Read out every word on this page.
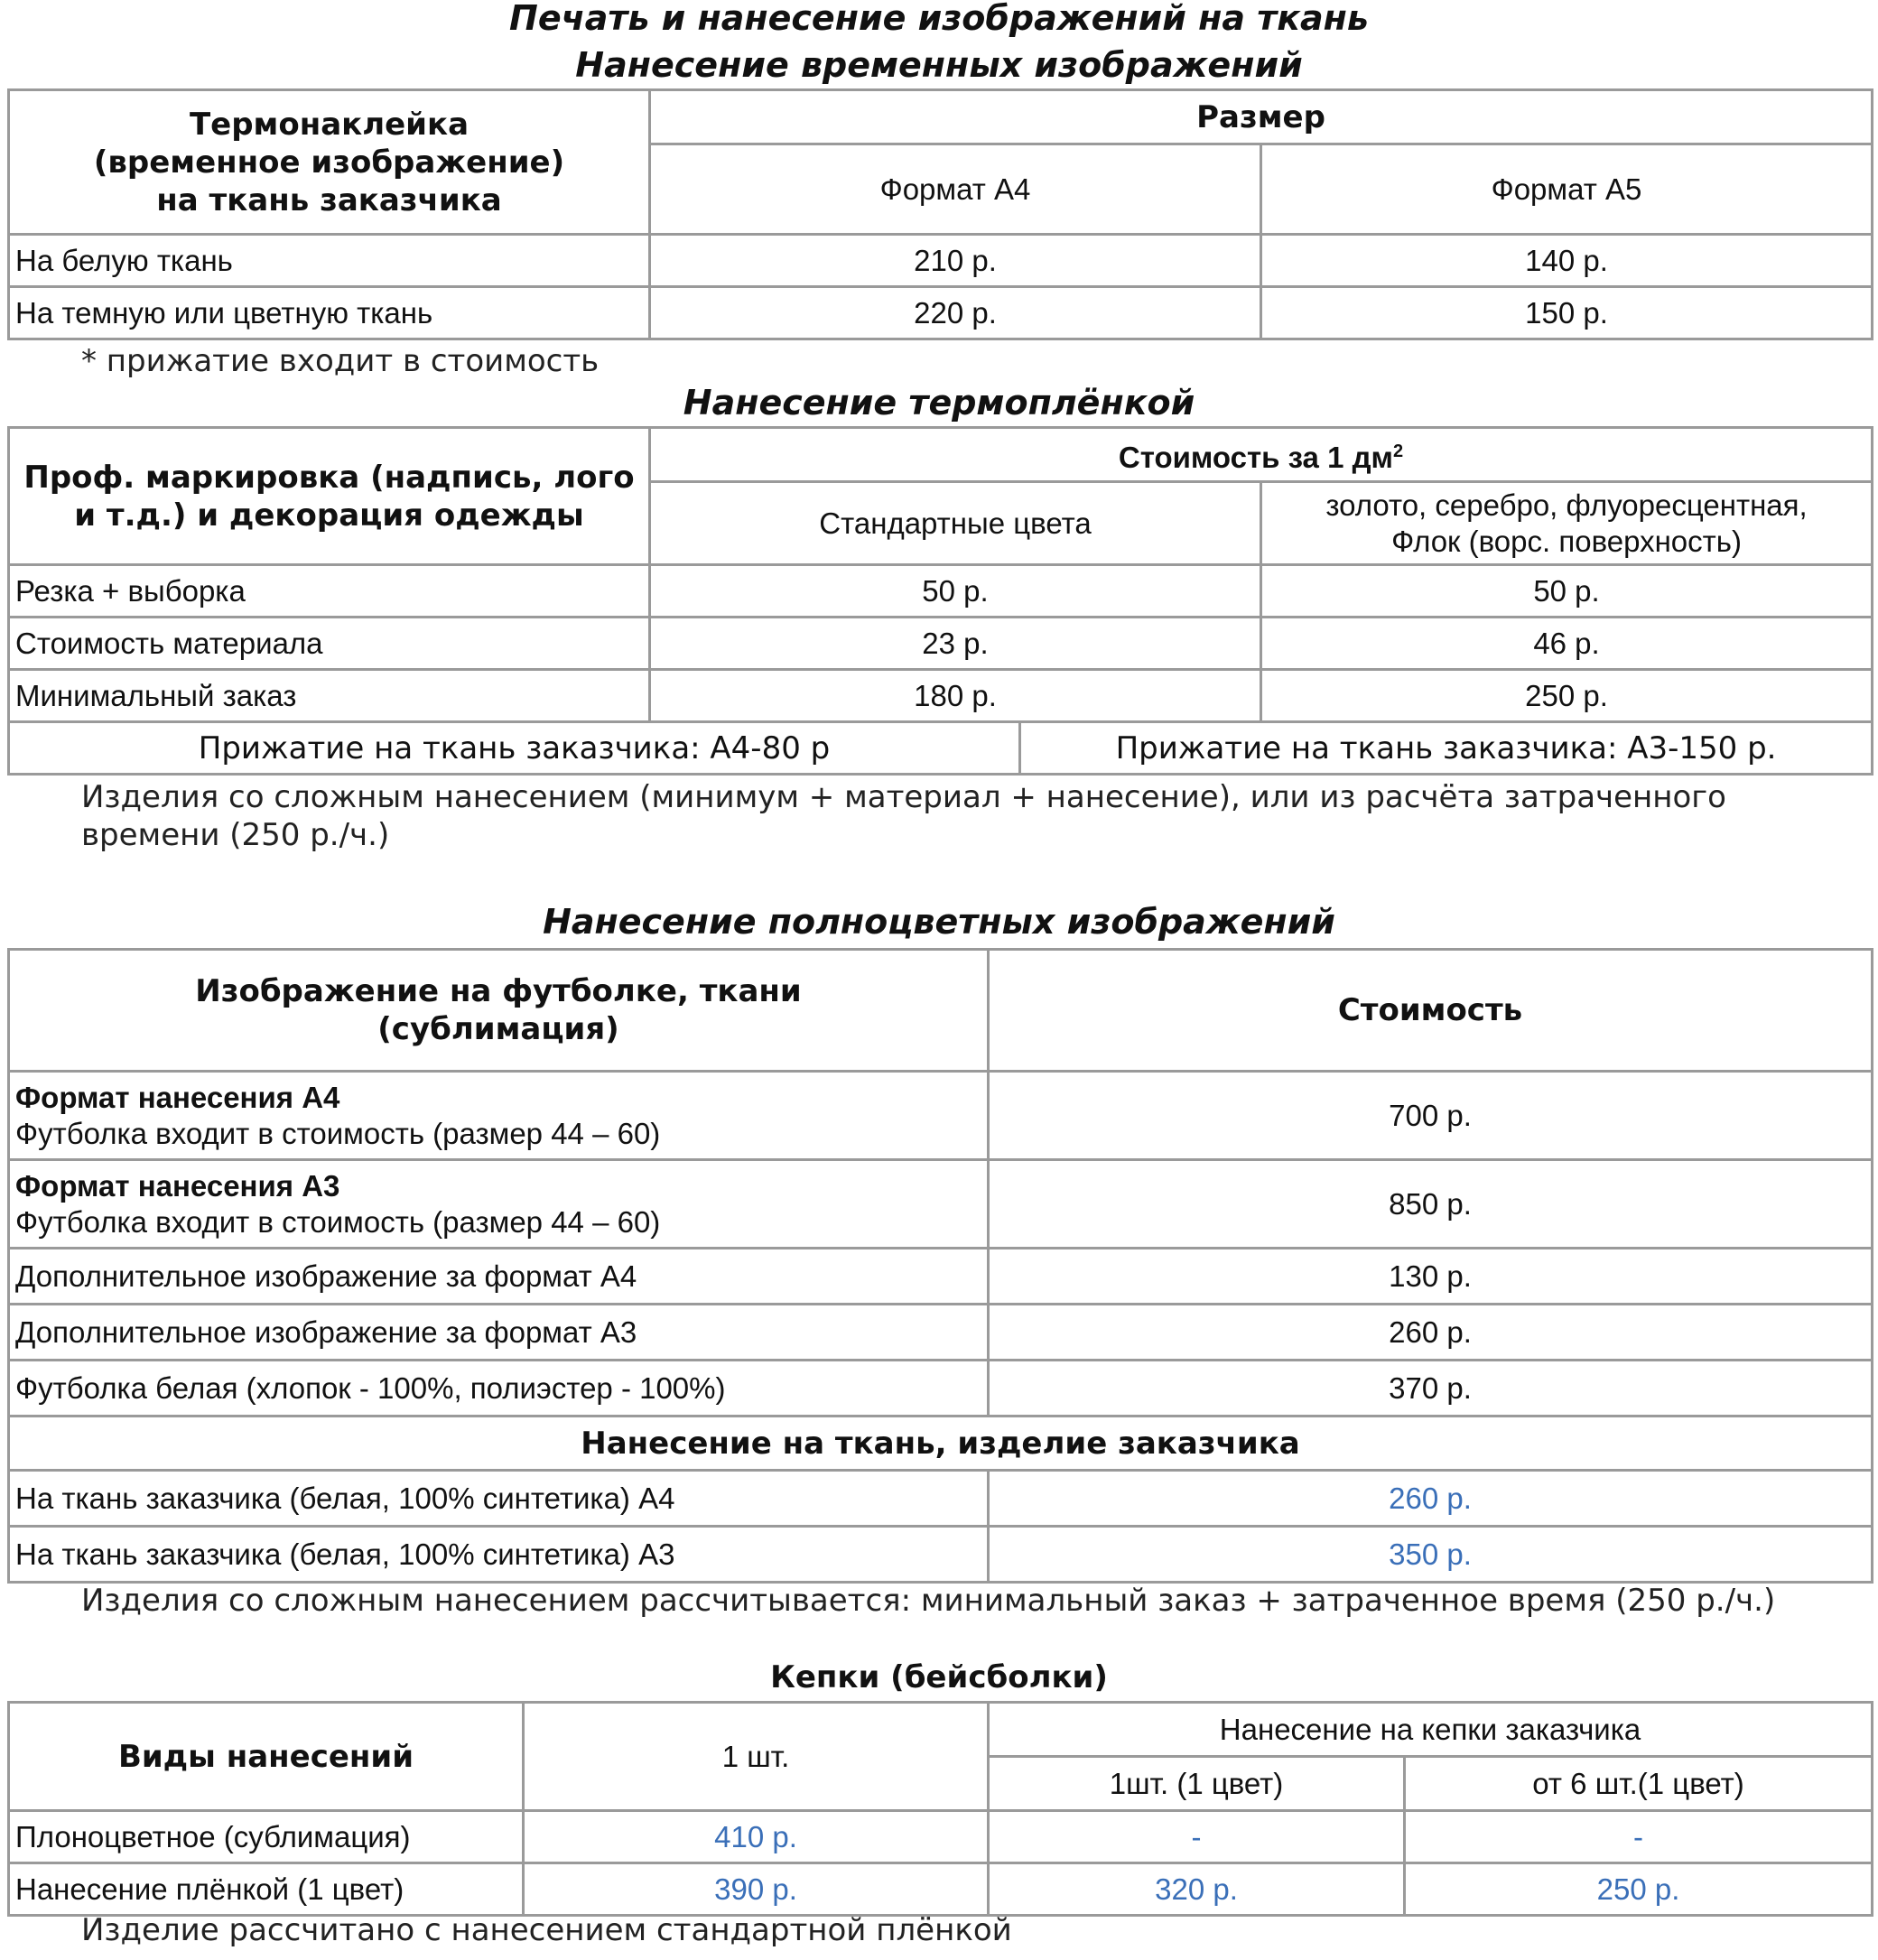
Печать и нанесение изображений на ткань
Нанесение временных изображений
Термонаклейка
(временное изображение)
на ткань заказчика	Размер	
	Формат А4	Формат А5
На белую ткань	210 р.	140 р.
На темную или цветную ткань	220 р.	150 р.
* прижатие входит в стоимость
Нанесение термоплёнкой
Проф. маркировка (надпись, лого
и т.д.) и декорация одежды	Стоимость за 1 $дм^2$
	Стандартные цвета		золото, серебро, флуоресцентная,
Флок (ворс. поверхность)

Резка + выборка	50 р.		50 р.
Стоимость материала	23 р.		46 р.
Минимальный заказ	180 р.		250 р.
Прижатие на ткань заказчика: А4-80 р		Прижатие на ткань заказчика: А3-150 р.	
Изделия со сложным нанесением (минимум + материал + нанесение), или из расчёта затраченного
времени (250 р./ч.)
Нанесение полноцветных изображений
Изображение на футболке, ткани
(сублимация)	Стоимость

Формат нанесения А4
Футболка входит в стоимость (размер 44 – 60)	700 р.

Формат нанесения А3
Футболка входит в стоимость (размер 44 – 60)	850 р.
Дополнительное изображение за формат А4	130 р.
Дополнительное изображение за формат А3	260 р.
Футболка белая (хлопок - 100%, полиэстер - 100%)	370 р.
Нанесение на ткань, изделие заказчика	
На ткань заказчика (белая, 100% синтетика) А4	260 р.
На ткань заказчика (белая, 100% синтетика) А3	350 р.
Изделия со сложным нанесением рассчитывается: минимальный заказ + затраченное время (250 р./ч.)
Кепки (бейсболки)
Виды нанесений	1 шт.	Нанесение на кепки заказчика	
		1шт. (1 цвет)	от 6 шт.(1 цвет)
Плоноцветное (сублимация)	410 р.	-	-
Нанесение плёнкой (1 цвет)	390 р.	320 р.	250 р.
Изделие рассчитано с нанесением стандартной плёнкой
